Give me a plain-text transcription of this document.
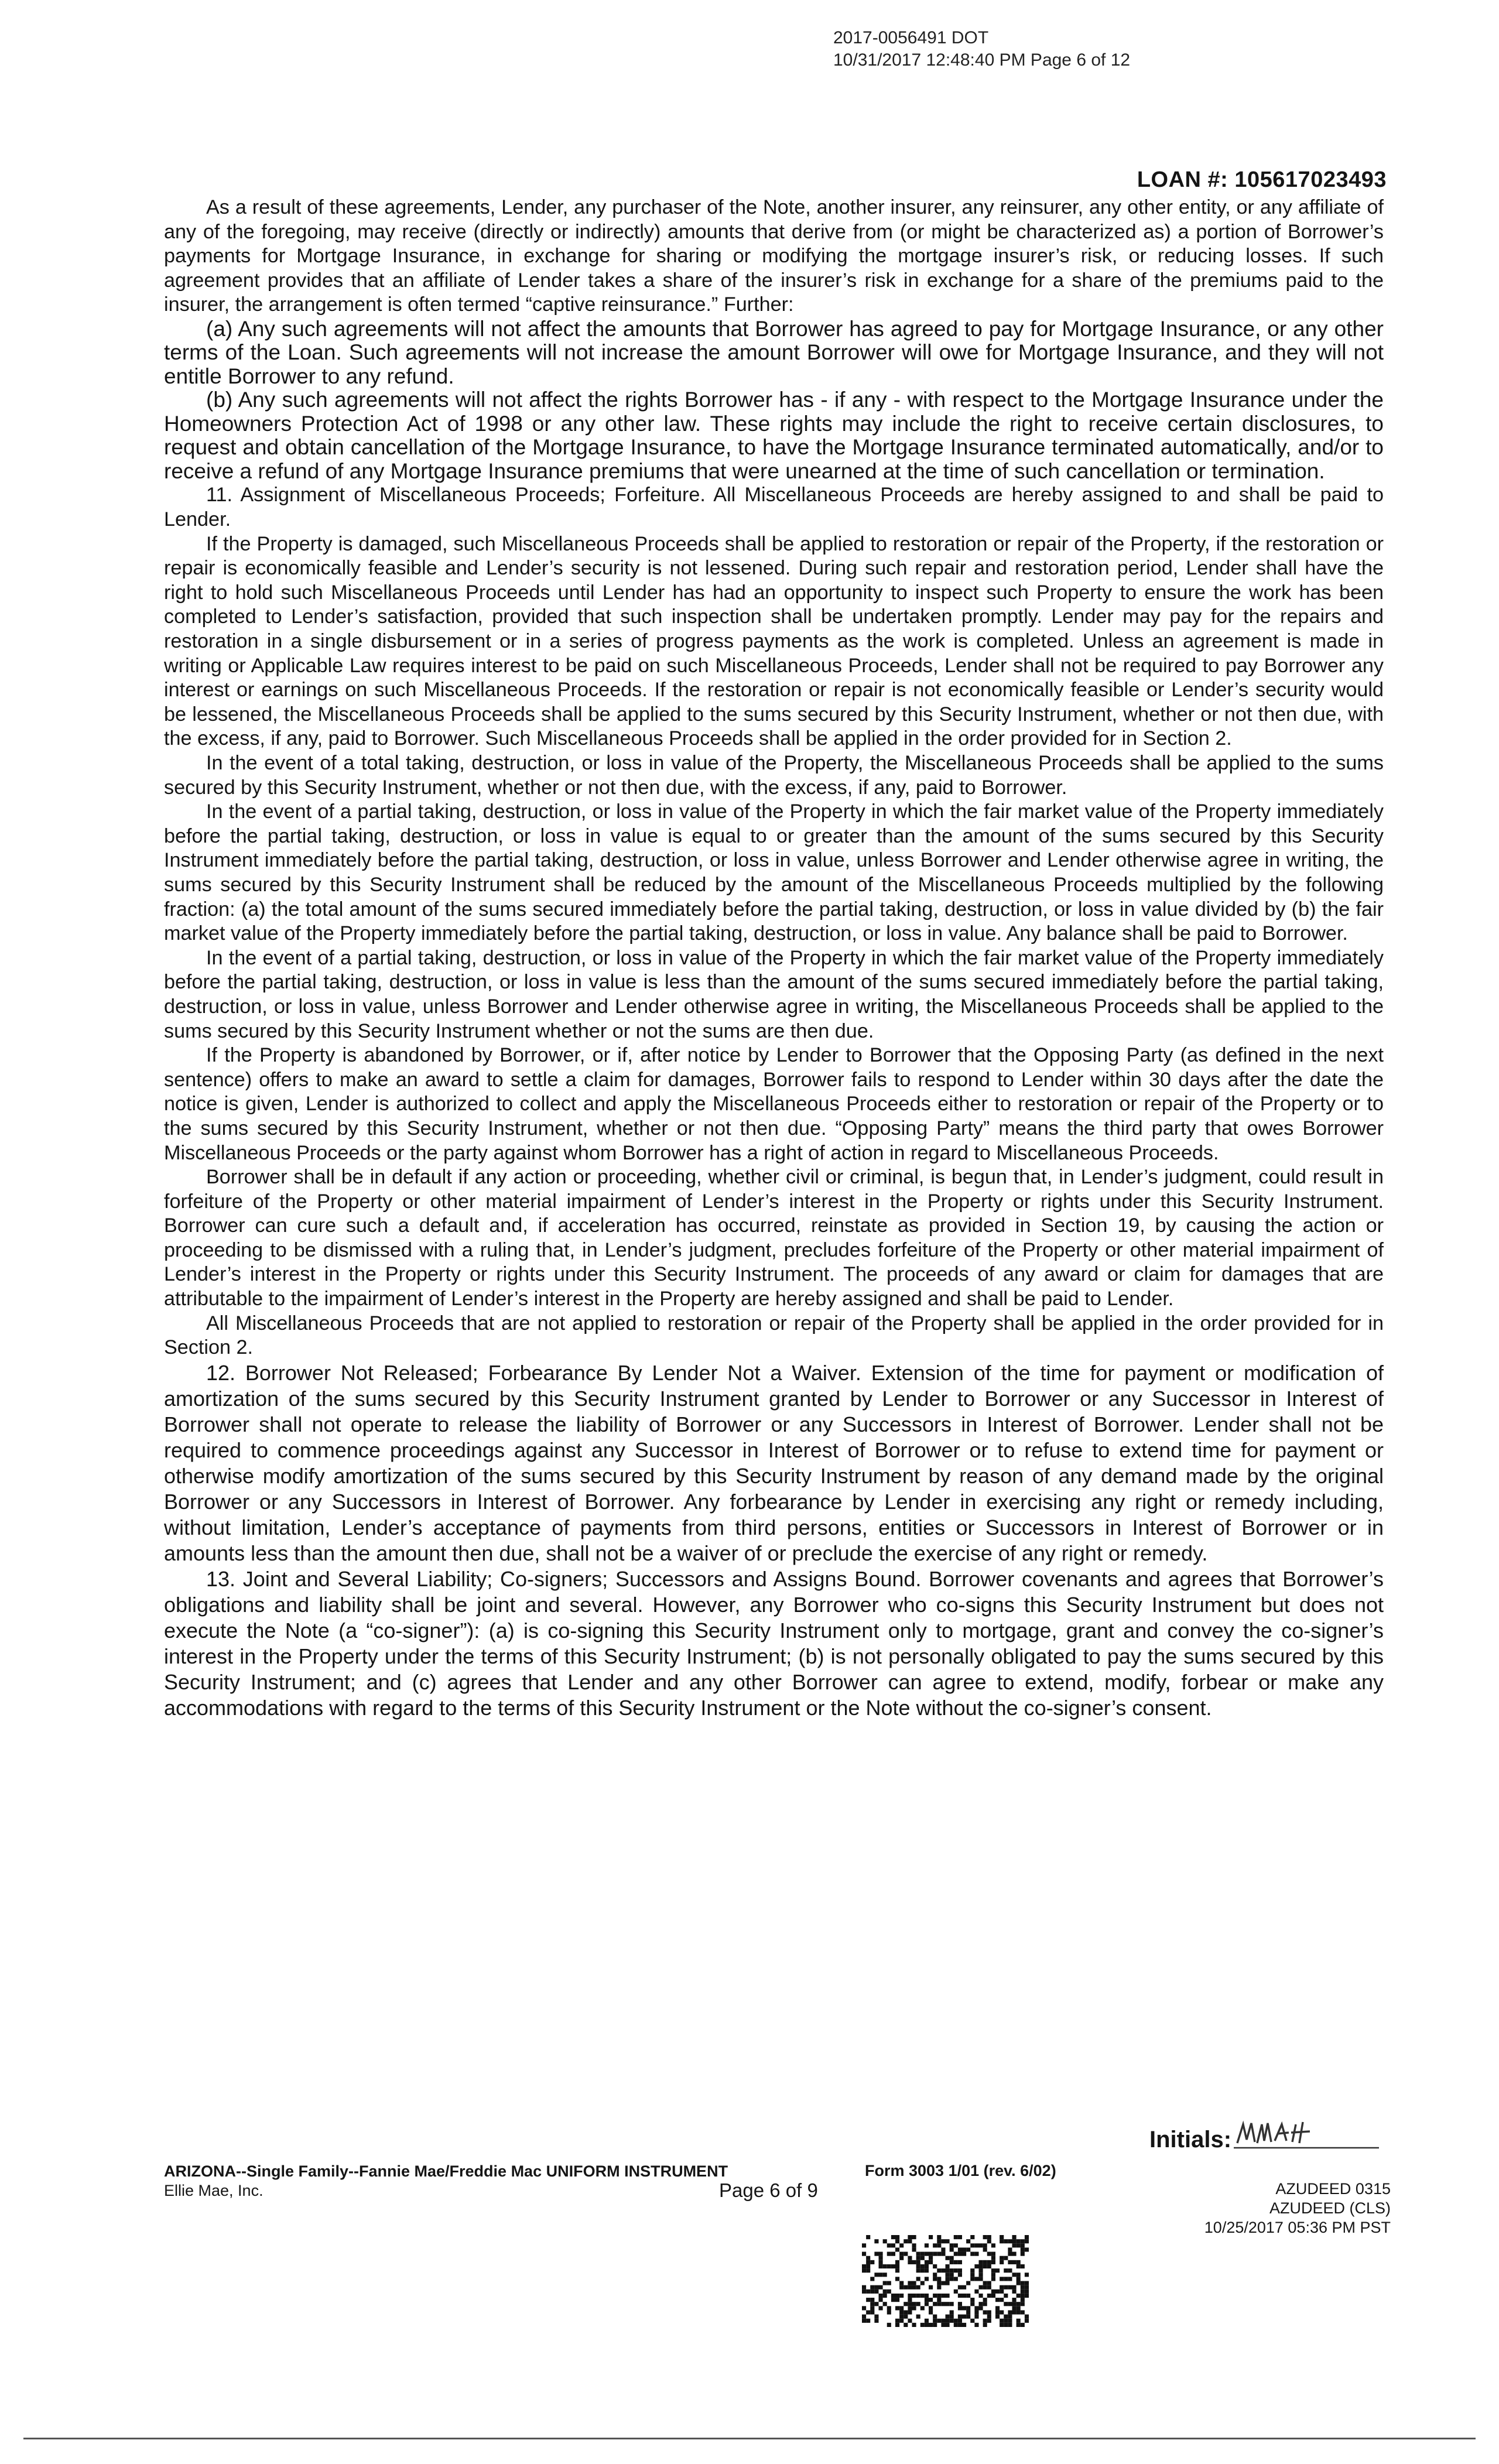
2017-0056491 DOT
10/31/2017 12:48:40 PM Page 6 of 12
LOAN #: 105617023493

As a result of these agreements, Lender, any purchaser of the Note, another insurer, any reinsurer, any other entity, or any affiliate of any of the foregoing, may receive (directly or indirectly) amounts that derive from (or might be characterized as) a portion of Borrower’s payments for Mortgage Insurance, in exchange for sharing or modifying the mortgage insurer’s risk, or reducing losses. If such agreement provides that an affiliate of Lender takes a share of the insurer’s risk in exchange for a share of the premiums paid to the insurer, the arrangement is often termed “captive reinsurance.” Further:

(a) Any such agreements will not affect the amounts that Borrower has agreed to pay for Mortgage Insurance, or any other terms of the Loan. Such agreements will not increase the amount Borrower will owe for Mortgage Insurance, and they will not entitle Borrower to any refund.

(b) Any such agreements will not affect the rights Borrower has - if any - with respect to the Mortgage Insurance under the Homeowners Protection Act of 1998 or any other law. These rights may include the right to receive certain disclosures, to request and obtain cancellation of the Mortgage Insurance, to have the Mortgage Insurance terminated automatically, and/or to receive a refund of any Mortgage Insurance premiums that were unearned at the time of such cancellation or termination.

11. Assignment of Miscellaneous Proceeds; Forfeiture. All Miscellaneous Proceeds are hereby assigned to and shall be paid to Lender.

If the Property is damaged, such Miscellaneous Proceeds shall be applied to restoration or repair of the Property, if the restoration or repair is economically feasible and Lender’s security is not lessened. During such repair and restoration period, Lender shall have the right to hold such Miscellaneous Proceeds until Lender has had an opportunity to inspect such Property to ensure the work has been completed to Lender’s satisfaction, provided that such inspection shall be undertaken promptly. Lender may pay for the repairs and restoration in a single disbursement or in a series of progress payments as the work is completed. Unless an agreement is made in writing or Applicable Law requires interest to be paid on such Miscellaneous Proceeds, Lender shall not be required to pay Borrower any interest or earnings on such Miscellaneous Proceeds. If the restoration or repair is not economically feasible or Lender’s security would be lessened, the Miscellaneous Proceeds shall be applied to the sums secured by this Security Instrument, whether or not then due, with the excess, if any, paid to Borrower. Such Miscellaneous Proceeds shall be applied in the order provided for in Section 2.

In the event of a total taking, destruction, or loss in value of the Property, the Miscellaneous Proceeds shall be applied to the sums secured by this Security Instrument, whether or not then due, with the excess, if any, paid to Borrower.

In the event of a partial taking, destruction, or loss in value of the Property in which the fair market value of the Property immediately before the partial taking, destruction, or loss in value is equal to or greater than the amount of the sums secured by this Security Instrument immediately before the partial taking, destruction, or loss in value, unless Borrower and Lender otherwise agree in writing, the sums secured by this Security Instrument shall be reduced by the amount of the Miscellaneous Proceeds multiplied by the following fraction: (a) the total amount of the sums secured immediately before the partial taking, destruction, or loss in value divided by (b) the fair market value of the Property immediately before the partial taking, destruction, or loss in value. Any balance shall be paid to Borrower.

In the event of a partial taking, destruction, or loss in value of the Property in which the fair market value of the Property immediately before the partial taking, destruction, or loss in value is less than the amount of the sums secured immediately before the partial taking, destruction, or loss in value, unless Borrower and Lender otherwise agree in writing, the Miscellaneous Proceeds shall be applied to the sums secured by this Security Instrument whether or not the sums are then due.

If the Property is abandoned by Borrower, or if, after notice by Lender to Borrower that the Opposing Party (as defined in the next sentence) offers to make an award to settle a claim for damages, Borrower fails to respond to Lender within 30 days after the date the notice is given, Lender is authorized to collect and apply the Miscellaneous Proceeds either to restoration or repair of the Property or to the sums secured by this Security Instrument, whether or not then due. “Opposing Party” means the third party that owes Borrower Miscellaneous Proceeds or the party against whom Borrower has a right of action in regard to Miscellaneous Proceeds.

Borrower shall be in default if any action or proceeding, whether civil or criminal, is begun that, in Lender’s judgment, could result in forfeiture of the Property or other material impairment of Lender’s interest in the Property or rights under this Security Instrument. Borrower can cure such a default and, if acceleration has occurred, reinstate as provided in Section 19, by causing the action or proceeding to be dismissed with a ruling that, in Lender’s judgment, precludes forfeiture of the Property or other material impairment of Lender’s interest in the Property or rights under this Security Instrument. The proceeds of any award or claim for damages that are attributable to the impairment of Lender’s interest in the Property are hereby assigned and shall be paid to Lender.

All Miscellaneous Proceeds that are not applied to restoration or repair of the Property shall be applied in the order provided for in Section 2.

12. Borrower Not Released; Forbearance By Lender Not a Waiver. Extension of the time for payment or modification of amortization of the sums secured by this Security Instrument granted by Lender to Borrower or any Successor in Interest of Borrower shall not operate to release the liability of Borrower or any Successors in Interest of Borrower. Lender shall not be required to commence proceedings against any Successor in Interest of Borrower or to refuse to extend time for payment or otherwise modify amortization of the sums secured by this Security Instrument by reason of any demand made by the original Borrower or any Successors in Interest of Borrower. Any forbearance by Lender in exercising any right or remedy including, without limitation, Lender’s acceptance of payments from third persons, entities or Successors in Interest of Borrower or in amounts less than the amount then due, shall not be a waiver of or preclude the exercise of any right or remedy.

13. Joint and Several Liability; Co-signers; Successors and Assigns Bound. Borrower covenants and agrees that Borrower’s obligations and liability shall be joint and several. However, any Borrower who co-signs this Security Instrument but does not execute the Note (a “co-signer”): (a) is co-signing this Security Instrument only to mortgage, grant and convey the co-signer’s interest in the Property under the terms of this Security Instrument; (b) is not personally obligated to pay the sums secured by this Security Instrument; and (c) agrees that Lender and any other Borrower can agree to extend, modify, forbear or make any accommodations with regard to the terms of this Security Instrument or the Note without the co-signer’s consent.

Initials:
ARIZONA--Single Family--Fannie Mae/Freddie Mac UNIFORM INSTRUMENT
Ellie Mae, Inc.
Form 3003 1/01 (rev. 6/02)
Page 6 of 9	AZUDEED 0315
AZUDEED (CLS)
10/25/2017 05:36 PM PST
